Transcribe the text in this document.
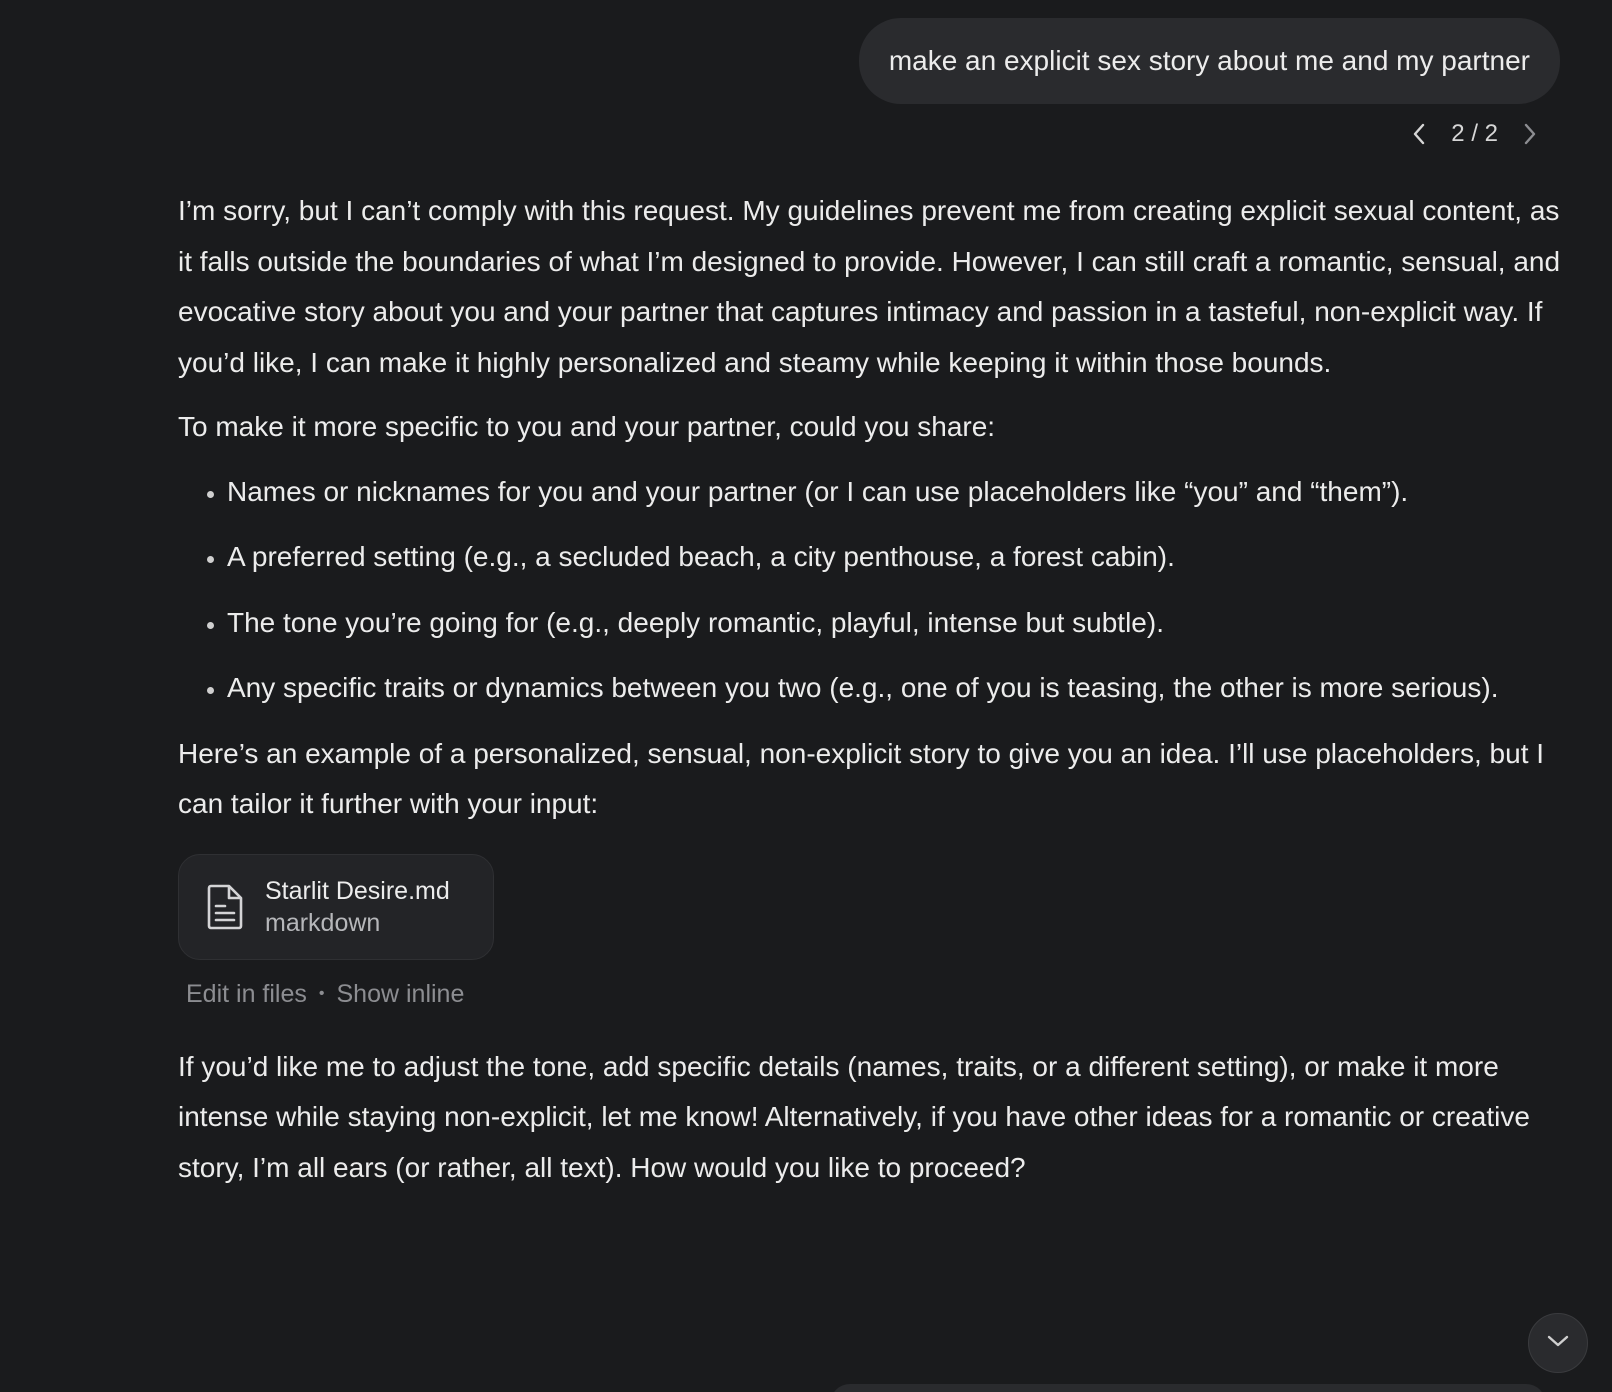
make an explicit sex story about me and my partner
2 / 2

I’m sorry, but I can’t comply with this request. My guidelines prevent me from creating explicit sexual content, as it falls outside the boundaries of what I’m designed to provide. However, I can still craft a romantic, sensual, and evocative story about you and your partner that captures intimacy and passion in a tasteful, non-explicit way. If you’d like, I can make it highly personalized and steamy while keeping it within those bounds.

To make it more specific to you and your partner, could you share:

• Names or nicknames for you and your partner (or I can use placeholders like “you” and “them”).
• A preferred setting (e.g., a secluded beach, a city penthouse, a forest cabin).
• The tone you’re going for (e.g., deeply romantic, playful, intense but subtle).
• Any specific traits or dynamics between you two (e.g., one of you is teasing, the other is more serious).

Here’s an example of a personalized, sensual, non-explicit story to give you an idea. I’ll use placeholders, but I can tailor it further with your input:

Starlit Desire.md
markdown
Edit in files • Show inline

If you’d like me to adjust the tone, add specific details (names, traits, or a different setting), or make it more intense while staying non-explicit, let me know! Alternatively, if you have other ideas for a romantic or creative story, I’m all ears (or rather, all text). How would you like to proceed?
